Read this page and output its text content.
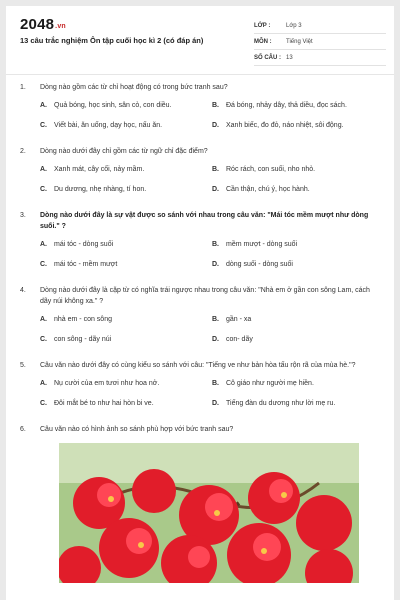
2048.vn
13 câu trắc nghiệm Ôn tập cuối học kì 2 (có đáp án)
LỚP :	Lớp 3
MÔN :	Tiếng Việt
SỐ CÂU : 13
1.	Dòng nào gồm các từ chỉ hoạt động có trong bức tranh sau?
A.	Quả bóng, học sinh, sân cỏ, con diều.	B.	Đá bóng, nhảy dây, thả diều, đọc sách.
C.	Viết bài, ăn uống, dạy học, nấu ăn.	D.	Xanh biếc, đo đỏ, náo nhiệt, sôi động.
2.	Dòng nào dưới đây chỉ gồm các từ ngữ chỉ đặc điểm?
A.	Xanh mát, cây cối, nảy mầm.	B.	Róc rách, con suối, nho nhỏ.
C.	Du dương, nhẹ nhàng, tí hon.	D.	Cần thận, chú ý, học hành.
3.	Dòng nào dưới đây là sự vật được so sánh với nhau trong câu văn: "Mái tóc mềm mượt như dòng suối." ?
A.	mái tóc - dòng suối	B.	mềm mượt - dòng suối
C.	mái tóc - mềm mượt	D.	dòng suối - dòng suối
4.	Dòng nào dưới đây là cặp từ có nghĩa trái ngược nhau trong câu văn: "Nhà em ở gần con sông Lam, cách dãy núi không xa." ?
A.	nhà em - con sông	B.	gần - xa
C.	con sông - dãy núi	D.	con- dãy
5.	Câu văn nào dưới đây có cùng kiểu so sánh với câu: "Tiếng ve như bản hòa tấu rộn rã của mùa hè."?
A.	Nụ cười của em tươi như hoa nở.	B.	Cô giáo như người mẹ hiền.
C.	Đôi mắt bé to như hai hòn bi ve.	D.	Tiếng đàn du dương như lời mẹ ru.
6.	Câu văn nào có hình ảnh so sánh phù hợp với bức tranh sau?
